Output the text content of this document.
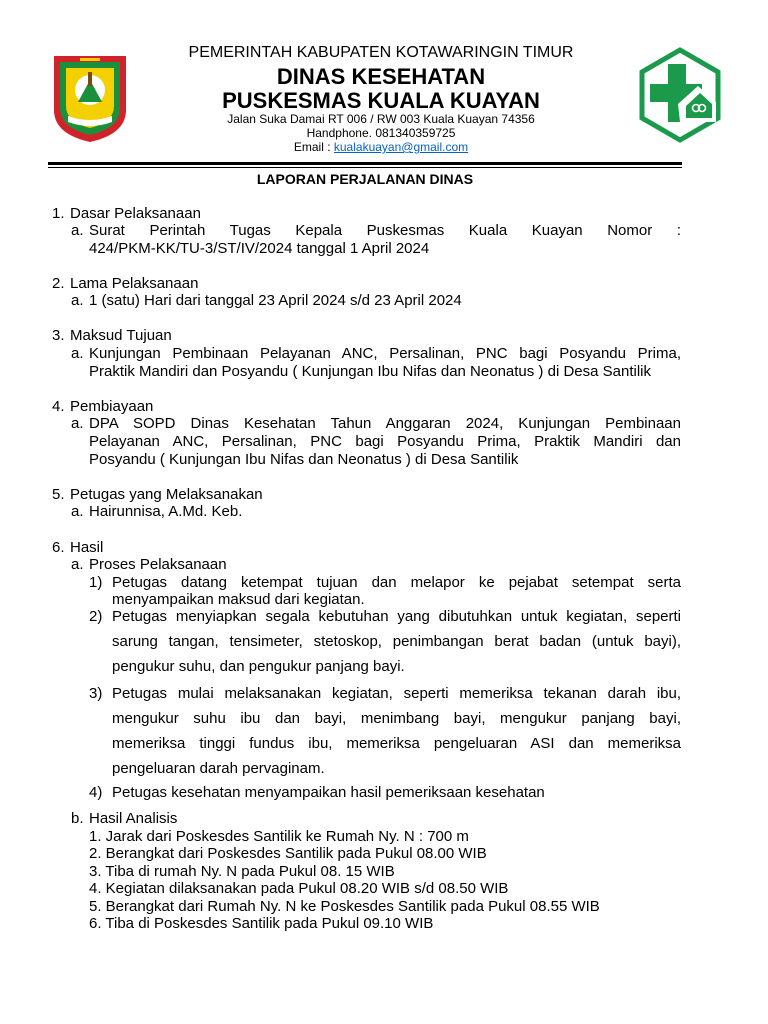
PEMERINTAH KABUPATEN KOTAWARINGIN TIMUR
DINAS KESEHATAN
PUSKESMAS KUALA KUAYAN
Jalan Suka Damai RT 006 / RW 003 Kuala Kuayan 74356
Handphone. 081340359725
Email : kualakuayan@gmail.com
LAPORAN PERJALANAN DINAS
1. Dasar Pelaksanaan
a. Surat Perintah Tugas Kepala Puskesmas Kuala Kuayan Nomor :
424/PKM-KK/TU-3/ST/IV/2024 tanggal 1 April 2024
2. Lama Pelaksanaan
a. 1 (satu) Hari dari tanggal 23 April 2024 s/d 23 April 2024
3. Maksud Tujuan
a. Kunjungan Pembinaan Pelayanan ANC, Persalinan, PNC bagi Posyandu Prima,
Praktik Mandiri dan Posyandu ( Kunjungan Ibu Nifas dan Neonatus ) di Desa Santilik
4. Pembiayaan
a. DPA SOPD Dinas Kesehatan Tahun Anggaran 2024, Kunjungan Pembinaan
Pelayanan ANC, Persalinan, PNC bagi Posyandu Prima, Praktik Mandiri dan
Posyandu ( Kunjungan Ibu Nifas dan Neonatus ) di Desa Santilik
5. Petugas yang Melaksanakan
a. Hairunnisa, A.Md. Keb.
6. Hasil
a. Proses Pelaksanaan
1) Petugas datang ketempat tujuan dan melapor ke pejabat setempat serta
menyampaikan maksud dari kegiatan.
2) Petugas menyiapkan segala kebutuhan yang dibutuhkan untuk kegiatan, seperti
sarung tangan, tensimeter, stetoskop, penimbangan berat badan (untuk bayi),
pengukur suhu, dan pengukur panjang bayi.
3) Petugas mulai melaksanakan kegiatan, seperti memeriksa tekanan darah ibu,
mengukur suhu ibu dan bayi, menimbang bayi, mengukur panjang bayi,
memeriksa tinggi fundus ibu, memeriksa pengeluaran ASI dan memeriksa
pengeluaran darah pervaginam.
4) Petugas kesehatan menyampaikan hasil pemeriksaan kesehatan
b. Hasil Analisis
1. Jarak dari Poskesdes Santilik ke Rumah Ny. N : 700 m
2. Berangkat dari Poskesdes Santilik pada Pukul 08.00 WIB
3. Tiba di rumah Ny. N pada Pukul 08. 15 WIB
4. Kegiatan dilaksanakan pada Pukul 08.20 WIB s/d 08.50 WIB
5. Berangkat dari Rumah Ny. N ke Poskesdes Santilik pada Pukul 08.55 WIB
6. Tiba di Poskesdes Santilik pada Pukul 09.10 WIB
